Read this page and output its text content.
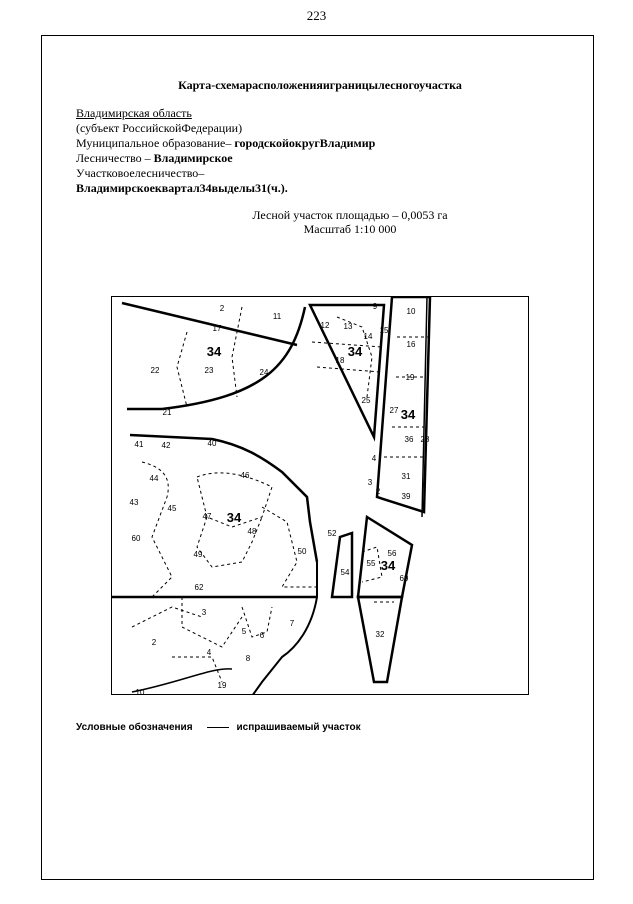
223
Карта-схемарасположенияиграницылесногоучастка
Владимирская область
(субъект РоссийскойФедерации)
Муниципальное образование– городскойокругВладимир
Лесничество – Владимирское
Участковоелесничество–
Владимирскоеквартал34выделы31(ч.).
Лесной участок площадью – 0,0053 га
Масштаб 1:10 000
2
11
17
34
22	23	24
21
9
10
12 13
14
15
34	16
18
19
25
27 34
36 28
4
31
3
2
39
41 42	40
44	46
43
45
47 34
48
60
49	50
52
54
56
34
55
69
62
3
7
5 6
2
4
8
32
19
10
Условные обозначения	испрашиваемый участок
